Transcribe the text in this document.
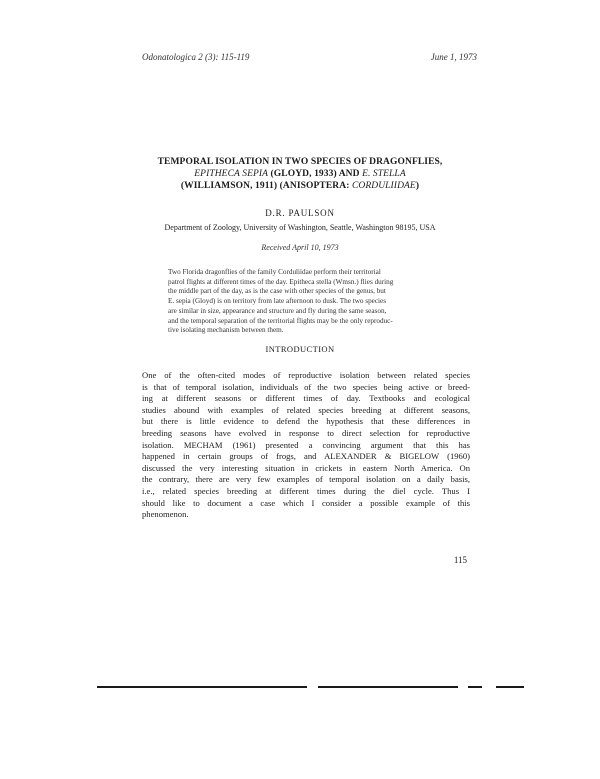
Odonatologica 2 (3): 115-119	June 1, 1973
TEMPORAL ISOLATION IN TWO SPECIES OF DRAGONFLIES,
EPITHECA SEPIA (GLOYD, 1933) AND E. STELLA
(WILLIAMSON, 1911) (ANISOPTERA: CORDULIIDAE)
D.R. PAULSON
Department of Zoology, University of Washington, Seattle, Washington 98195, USA
Received April 10, 1973
Two Florida dragonflies of the family Corduliidae perform their territorial
patrol flights at different times of the day. Epitheca stella (Wmsn.) flies during
the middle part of the day, as is the case with other species of the genus, but
E. sepia (Gloyd) is on territory from late afternoon to dusk. The two species
are similar in size, appearance and structure and fly during the same season,
and the temporal separation of the territorial flights may be the only reproduc-
tive isolating mechanism between them.
INTRODUCTION
One of the often-cited modes of reproductive isolation between related species
is that of temporal isolation, individuals of the two species being active or breed-
ing at different seasons or different times of day. Textbooks and ecological
studies abound with examples of related species breeding at different seasons,
but there is little evidence to defend the hypothesis that these differences in
breeding seasons have evolved in response to direct selection for reproductive
isolation. MECHAM (1961) presented a convincing argument that this has
happened in certain groups of frogs, and ALEXANDER & BIGELOW (1960)
discussed the very interesting situation in crickets in eastern North America. On
the contrary, there are very few examples of temporal isolation on a daily basis,
i.e., related species breeding at different times during the diel cycle. Thus I
should like to document a case which I consider a possible example of this
phenomenon.
115
